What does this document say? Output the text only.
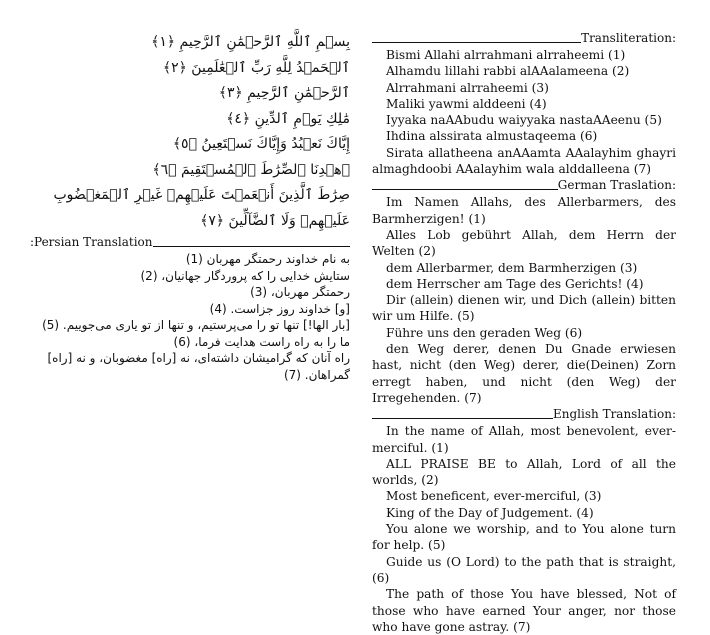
بِسۡمِ ٱللَّهِ ٱلرَّحۡمَٰنِ ٱلرَّحِيمِ ﴿١﴾
ٱلۡحَمۡدُ لِلَّهِ رَبِّ ٱلۡعَٰلَمِينَ ﴿٢﴾
ٱلرَّحۡمَٰنِ ٱلرَّحِيمِ ﴿٣﴾
مَٰلِكِ يَوۡمِ ٱلدِّينِ ﴿٤﴾
إِيَّاكَ نَعۡبُدُ وَإِيَّاكَ نَسۡتَعِينُ ﴿٥﴾
ٱهۡدِنَا ٱلصِّرَٰطَ ٱلۡمُسۡتَقِيمَ ﴿٦﴾
صِرَٰطَ ٱلَّذِينَ أَنۡعَمۡتَ عَلَيۡهِمۡ غَيۡرِ ٱلۡمَغۡضُوبِ عَلَيۡهِمۡ وَلَا ٱلضَّآلِّينَ ﴿٧﴾
:Persian Translation

به نام خداوند رحمتگر مهربان (1)

ستايش خدايى را كه پروردگار جهانيان، (2)

رحمتگر مهربان، (3)

[و] خداوند روز جزاست. (4)

[بار الها!] تنها تو را مى‌پرستيم، و تنها از تو يارى مى‌جوييم. (5)

ما را به راه راست هدايت فرما، (6)

راه آنان كه گراميشان داشته‌اى، نه [راه] مغضوبان، و نه [راه] گمراهان. (7)

Transliteration:

Bismi Allahi alrrahmani alrraheemi (1)

Alhamdu lillahi rabbi alAAalameena (2)

Alrrahmani alrraheemi (3)

Maliki yawmi alddeeni (4)

Iyyaka naAAbudu waiyyaka nastaAAeenu (5)

Ihdina alssirata almustaqeema (6)

Sirata allatheena anAAamta AAalayhim ghayri almaghdoobi AAalayhim wala alddalleena (7)

German Traslation:

Im Namen Allahs, des Allerbarmers, des Barmherzigen! (1)

Alles Lob gebührt Allah, dem Herrn der Welten (2)

dem Allerbarmer, dem Barmherzigen (3)

dem Herrscher am Tage des Gerichts! (4)

Dir (allein) dienen wir, und Dich (allein) bitten wir um Hilfe. (5)

Führe uns den geraden Weg (6)

den Weg derer, denen Du Gnade erwiesen hast, nicht (den Weg) derer, die(Deinen) Zorn erregt haben, und nicht (den Weg) der Irregehenden. (7)

English Translation:

In the name of Allah, most benevolent, ever-merciful. (1)

ALL PRAISE BE to Allah, Lord of all the worlds, (2)

Most beneficent, ever-merciful, (3)

King of the Day of Judgement. (4)

You alone we worship, and to You alone turn for help. (5)

Guide us (O Lord) to the path that is straight, (6)

The path of those You have blessed, Not of those who have earned Your anger, nor those who have gone astray. (7)
